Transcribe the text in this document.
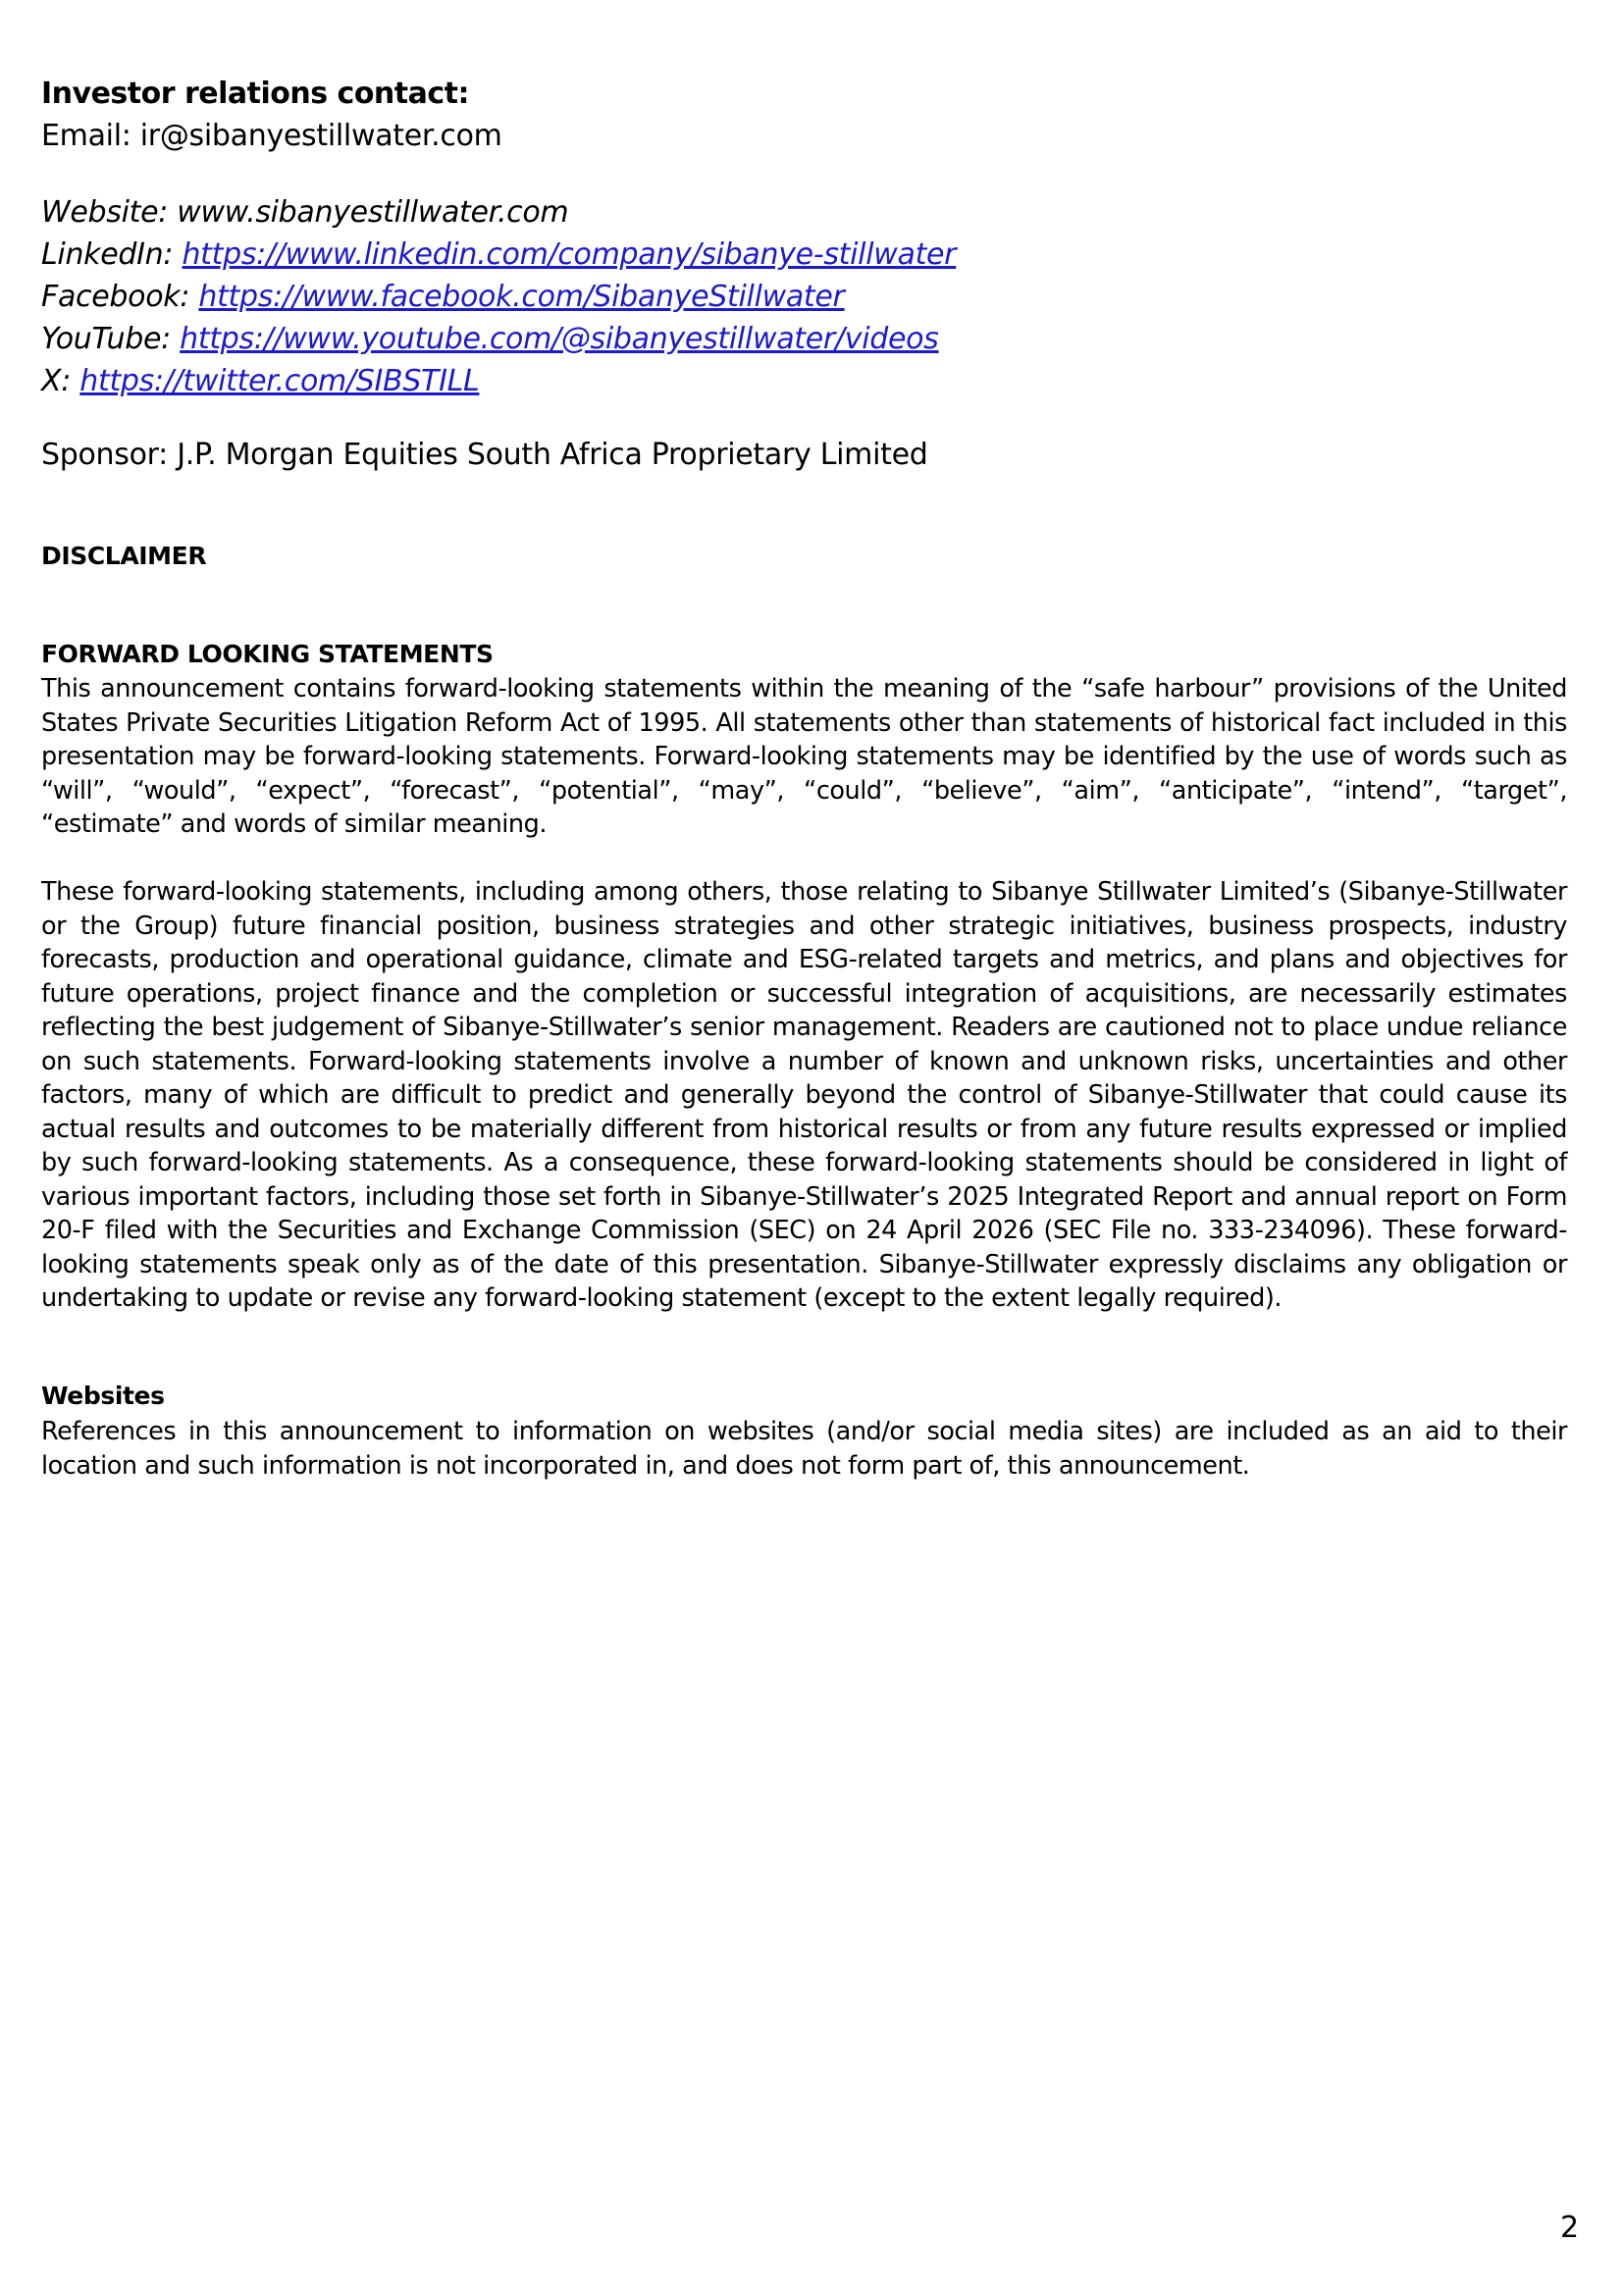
Investor relations contact:
Email: ir@sibanyestillwater.com
Website: www.sibanyestillwater.com
LinkedIn: https://www.linkedin.com/company/sibanye-stillwater
Facebook: https://www.facebook.com/SibanyeStillwater
YouTube: https://www.youtube.com/@sibanyestillwater/videos
X: https://twitter.com/SIBSTILL
Sponsor: J.P. Morgan Equities South Africa Proprietary Limited
DISCLAIMER
FORWARD LOOKING STATEMENTS
This announcement contains forward-looking statements within the meaning of the “safe harbour” provisions of the United States Private Securities Litigation Reform Act of 1995. All statements other than statements of historical fact included in this presentation may be forward-looking statements. Forward-looking statements may be identified by the use of words such as “will”, “would”, “expect”, “forecast”, “potential”, “may”, “could”, “believe”, “aim”, “anticipate”, “intend”, “target”, “estimate” and words of similar meaning.
These forward-looking statements, including among others, those relating to Sibanye Stillwater Limited’s (Sibanye-Stillwater or the Group) future financial position, business strategies and other strategic initiatives, business prospects, industry forecasts, production and operational guidance, climate and ESG-related targets and metrics, and plans and objectives for future operations, project finance and the completion or successful integration of acquisitions, are necessarily estimates reflecting the best judgement of Sibanye-Stillwater’s senior management. Readers are cautioned not to place undue reliance on such statements. Forward-looking statements involve a number of known and unknown risks, uncertainties and other factors, many of which are difficult to predict and generally beyond the control of Sibanye-Stillwater that could cause its actual results and outcomes to be materially different from historical results or from any future results expressed or implied by such forward-looking statements. As a consequence, these forward-looking statements should be considered in light of various important factors, including those set forth in Sibanye-Stillwater’s 2025 Integrated Report and annual report on Form 20-F filed with the Securities and Exchange Commission (SEC) on 24 April 2026 (SEC File no. 333-234096). These forward-looking statements speak only as of the date of this presentation. Sibanye-Stillwater expressly disclaims any obligation or undertaking to update or revise any forward-looking statement (except to the extent legally required).
Websites
References in this announcement to information on websites (and/or social media sites) are included as an aid to their location and such information is not incorporated in, and does not form part of, this announcement.
2
